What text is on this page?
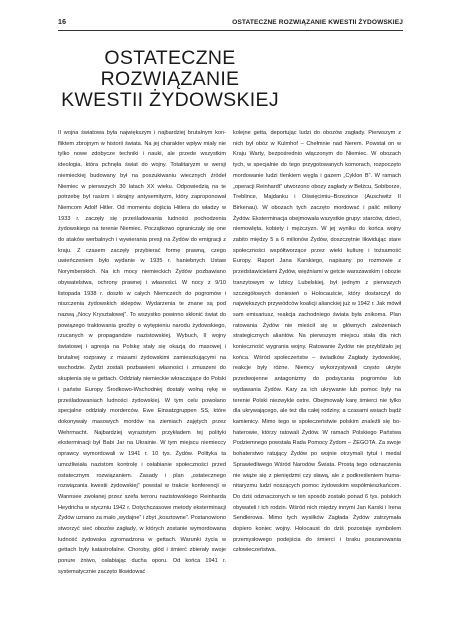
16	OSTATECZNE ROZWIĄZANIE KWESTII ŻYDOWSKIEJ
OSTATECZNE ROZWIĄZANIE KWESTII ŻYDOWSKIEJ

II wojna światowa była największym i najbardziej brutalnym konfliktem zbrojnym w historii świata. Na jej charakter wpływ miały nie tylko nowe zdobycze techniki i nauki, ale przede wszystkim ideologia, która pchnęła świat do wojny. Totalitaryzm w wersji niemieckiej budowany był na poszukiwaniu wiecznych źródeł Niemiec w pierwszych 30 latach XX wieku. Odpowiedzią na te potrzebę był rasizm i skrajny antysemityzm, który zaproponował Niemcom Adolf Hitler. Od momentu dojścia Hitlera do władzy w 1933 r. zaczęły się prześladowania ludności pochodzenia żydowskiego na terenie Niemiec. Początkowo ograniczały się one do ataków werbalnych i wywierania presji na Żydów do emigracji z kraju. Z czasem zaczęły przybierać formę prawną, czego uwieńczeniem było wydanie w 1935 r. haniebnych Ustaw Norymberskich. Na ich mocy niemieckich Żydów pozbawiano obywatelstwa, ochrony prawnej i własności. W nocy z 9/10 listopada 1938 r. doszło w całych Niemczech do pogromów i niszczenia żydowskich sklepów. Wydarzenia te znane są pod nazwą „Nocy Kryształowej”. To wszystko powinno skłonić świat do powiązego traktowania groźby o wytępieniu narodu żydowskiego, rzucanych w propagandzie nazistowskiej. Wybuch, II wojny światowej i agresja na Polskę stały się okazją do masowej i brutalnej rozprawy z masami żydowskimi zamieszkującymi na wschodzie. Żydzi zostali pozbawieni własności i zmuszeni do skupienia się w gettach. Oddziały niemieckie wkraczające do Polski i państw Europy Środkowo-Wschodniej dostały wolną rękę w prześladowaniach ludności żydowskiej. W tym celu powołano specjalne oddziały morderców. Ewe Einsatzgruppen SS, które dokonywały masowych mordów na ziemiach zajętych przez Wehrmacht. Najbardziej wyrazistym przykładem tej polityki eksterminacji był Babi Jar na Ukrainie. W tym miejscu niemieccy oprawcy wymordowali w 1941 r. 10 tys. Żydów. Polityka ta umożliwiała nazistom kontrolę i osłabianie społeczności przed ostatecznym rozwiązaniem. Zasady i plan „ostatecznego rozwiązania kwestii żydowskiej” powstał w trakcie konferencji w Wannsee zwołanej przez szefa terroru nazistowskiego Reinharda Heydricha w styczniu 1942 r. Dotychczasowe metody eksterminacji Żydów uznano za mało „wydajne” i zbyt „kosztowne”. Postanowiono stworzyć sieć obozów zagłady, w których zostanie wymordowana ludność żydowska zgromadzona w gettach. Warunki życia w gettach były katastrofalne. Choroby, głód i śmierć zbierały swoje ponure żniwo, osłabiając ducha oporu. Od końca 1941 r. systematycznie zaczęto likwidować

kolejne getta, deportując ludzi do obozów zagłady. Pierwszym z nich był obóz w Kulmhof – Chełmnie nad Nerem. Powstał on w Kraju Warty, bezpośrednio włączonym do Niemiec. W obozach tych, w specjalnie do tego przygotowanych komorach, rozpoczęto mordowanie ludzi tlenkiem węgla i gazem „Cyklon B”. W ramach „operacji Reinhardt” utworzono obozy zagłady w Bełżcu, Sobiborze, Treblince, Majdanku i Oświęcimiu–Brzezince (Auschwitz II Birkenau). W obozach tych zaczęto mordować i palić miliony Żydów. Eksterminacja obejmowała wszystkie grupy: starców, dzieci, niemowlęta, kobiety i mężczyzn. W jej wyniku do końca wojny zabito między 5 a 6 milionów Żydów, doszczętnie likwidując stare społeczności współtworzące przez wieki kulturę i tożsamość Europy. Raport Jana Karskiego, napisany po rozmowie z przedstawicielami Żydów, więźniami w getcie warszawskim i obozie tranzytowym w Izbicy Lubelskiej, był jednym z pierwszych szczegółowych doniesień o Holocauście, który dostarczył do największych przywódców koalicji alianckiej już w 1942 r. Jak mówił sam emisariusz, reakcja zachodniego świata była znikoma. Plan ratowania Żydów nie mieścił się w głównych założeniach strategicznych aliantów. Na pierwszym miejscu stała dla nich konieczność wygrania wojny. Ratowanie Żydów nie przybliżało jej końca. Wśród społeczeństw – świadków Zagłady żydowskiej, reakcje były różne. Niemcy wykorzystywali często ukryte przedwojenne antagonizmy do podsycania pogromów lub wydawania Żydów. Kary za ich ukrywanie lub pomoc były na terenie Polski niezwykle ostre. Obejmowały karę śmierci nie tylko dla ukrywającego, ale też dla całej rodziny, a czasami wsiach bądź kamienicy. Mimo tego w społeczeństwie polskim znaleźli się bohaterowie, którzy ratowali Żydów. W ramach Polskiego Państwa Podziemnego powstała Rada Pomocy Żydom – ŻEGOTA. Za swoje bohaterstwo ratujący Żydów po wojnie otrzymali tytuł i medal Sprawiedliwego Wśród Narodów Świata. Prostą tego odznaczenia nie wiąże się z pieniędzmi czy sławą, ale z podkreśleniem humanitaryzmu ludzi noszących pomoc żydowskim współmieszkańcom. Do dziś odznaczonych w ten sposób zostało ponad 6 tys. polskich obywateli i ich rodzin. Wśród nich między innymi Jan Karski i Irena Sendlerowa. Mimo tych wysiłków Zagłada Żydów zatrzymała dopiero koniec wojny. Holocaust do dziś pozostaje symbolem przemysłowego podejścia do śmierci i braku poszanowania człowieczeństwa.
